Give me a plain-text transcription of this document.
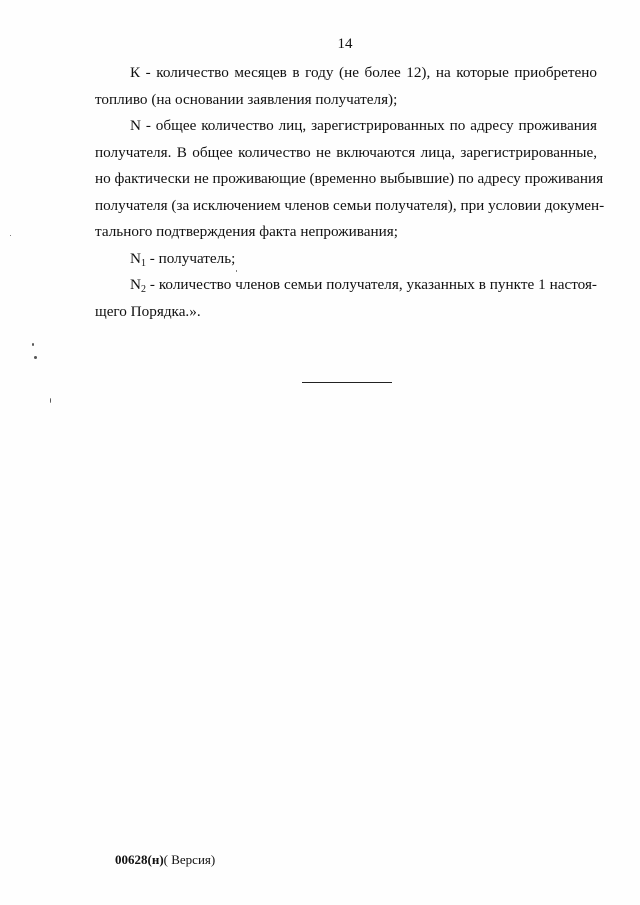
14
К - количество месяцев в году (не более 12), на которые приобретено
топливо (на основании заявления получателя);
N - общее количество лиц, зарегистрированных по адресу проживания
получателя. В общее количество не включаются лица, зарегистрированные,
но фактически не проживающие (временно выбывшие) по адресу проживания
получателя (за исключением членов семьи получателя), при условии докумен-
тального подтверждения факта непроживания;
$N_1$ - получатель;
$N_2$ - количество членов семьи получателя, указанных в пункте 1 настоя-
щего Порядка.».
00628(н)( Версия)
